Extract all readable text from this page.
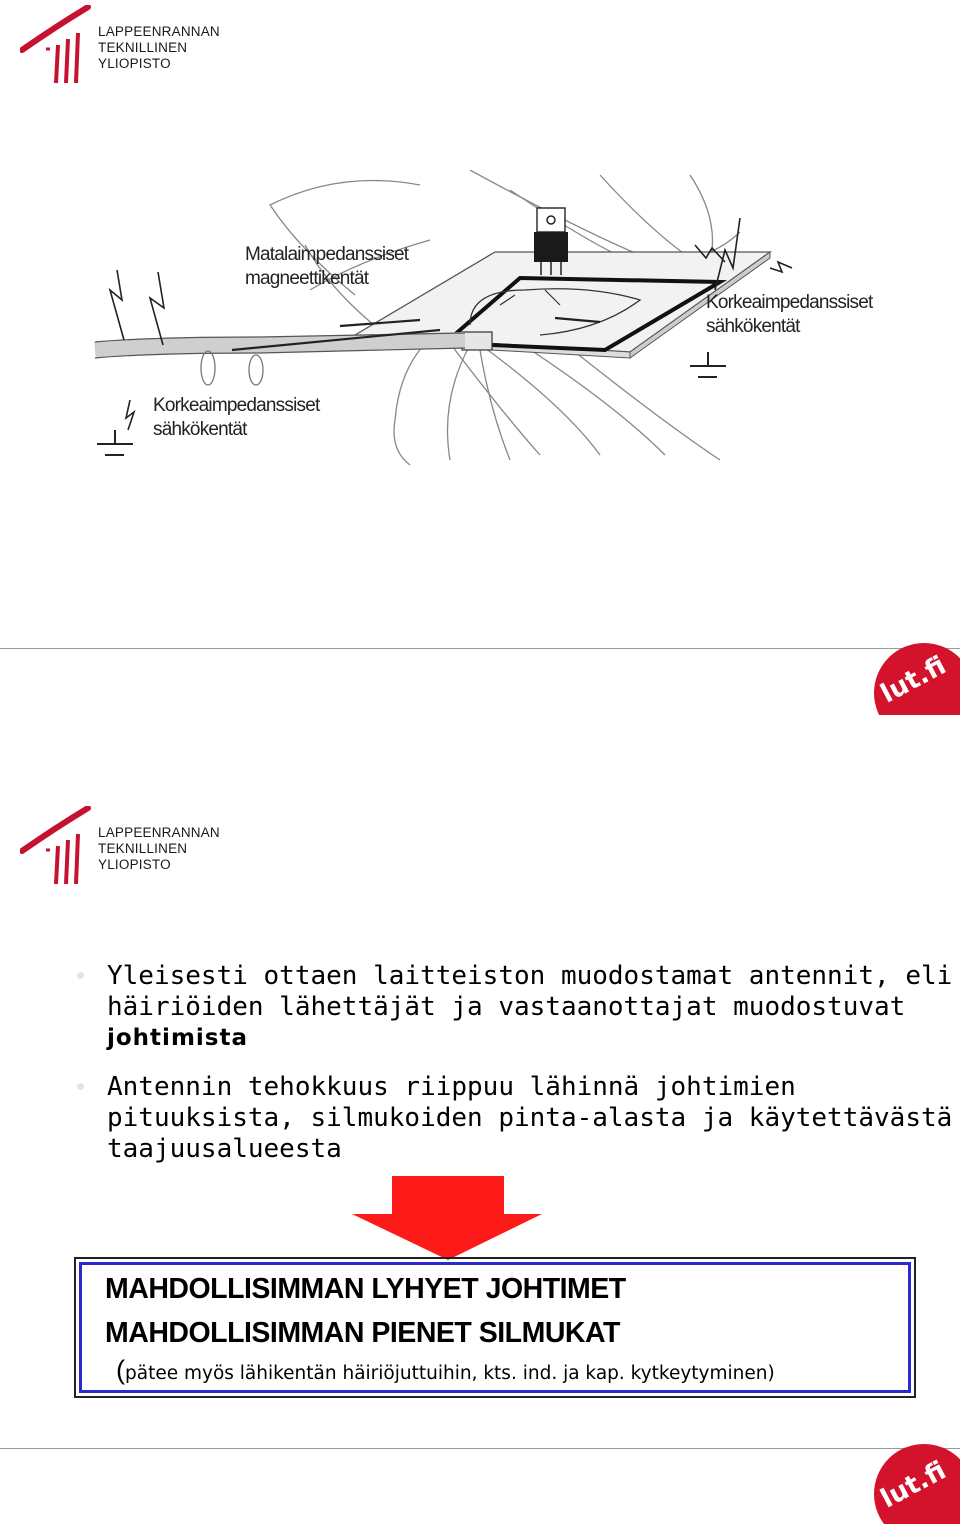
LAPPEENRANNAN
TEKNILLINEN YLIOPISTO
Matalaimpedanssiset
magneettikentät
Korkeaimpedanssiset
sähkökentät
Korkeaimpedanssiset
sähkökentät
lut.fi
LAPPEENRANNAN
TEKNILLINEN YLIOPISTO
Yleisesti ottaen laitteiston muodostamat antennit, eli
häiriöiden lähettäjät ja vastaanottajat muodostuvat
johtimista
Antennin tehokkuus riippuu lähinnä johtimien
pituuksista, silmukoiden pinta-alasta ja käytettävästä
taajuusalueesta
MAHDOLLISIMMAN LYHYET JOHTIMET
MAHDOLLISIMMAN PIENET SILMUKAT
(pätee myös lähikentän häiriöjuttuihin, kts. ind. ja kap. kytkeytyminen)
lut.fi
